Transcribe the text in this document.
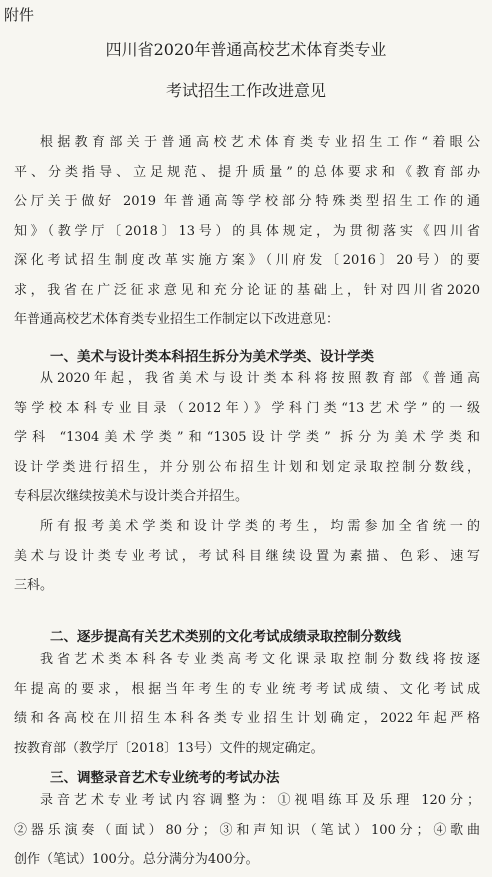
附件
四川省2020年普通高校艺术体育类专业
考试招生工作改进意见
根据教育部关于普通高校艺术体育类专业招生工作“着眼公
平、分类指导、立足规范、提升质量”的总体要求和《教育部办
公厅关于做好 2019 年普通高等学校部分特殊类型招生工作的通
知》（教学厅〔2018〕13号）的具体规定，为贯彻落实《四川省
深化考试招生制度改革实施方案》（川府发〔2016〕20号）的要
求，我省在广泛征求意见和充分论证的基础上，针对四川省2020
年普通高校艺术体育类专业招生工作制定以下改进意见：
一、美术与设计类本科招生拆分为美术学类、设计学类
从2020年起，我省美术与设计类本科将按照教育部《普通高
等学校本科专业目录（2012年）》学科门类“13艺术学”的一级
学科 “1304美术学类”和“1305设计学类” 拆分为美术学类和
设计学类进行招生，并分别公布招生计划和划定录取控制分数线，
专科层次继续按美术与设计类合并招生。
所有报考美术学类和设计学类的考生，均需参加全省统一的
美术与设计类专业考试，考试科目继续设置为素描、色彩、速写
三科。
二、逐步提高有关艺术类别的文化考试成绩录取控制分数线
我省艺术类本科各专业类高考文化课录取控制分数线将按逐
年提高的要求，根据当年考生的专业统考考试成绩、文化考试成
绩和各高校在川招生本科各类专业招生计划确定，2022年起严格
按教育部（教学厅〔2018〕13号）文件的规定确定。
三、调整录音艺术专业统考的考试办法
录音艺术专业考试内容调整为：①视唱练耳及乐理 120分；
②器乐演奏（面试）80分；③和声知识（笔试）100分；④歌曲
创作（笔试）100分。总分满分为400分。
